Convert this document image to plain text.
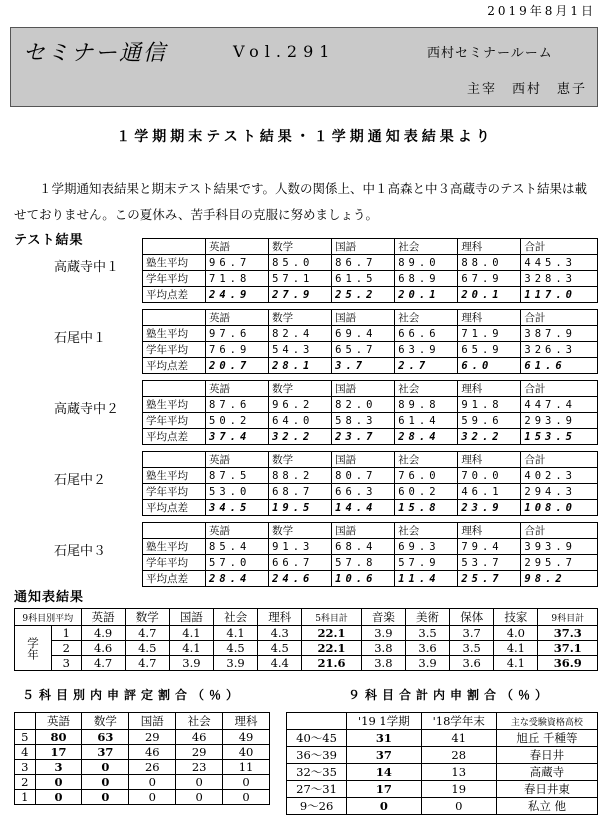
2019年8月1日
セミナー通信	Vol.291	西村セミナールーム
主宰　西村　恵子
１学期期末テスト結果・１学期通知表結果より
１学期通知表結果と期末テスト結果です。人数の関係上、中１高森と中３高蔵寺のテスト結果は載せておりません。この夏休み、苦手科目の克服に努めましょう。
テスト結果
高蔵寺中１
	英語	数学	国語	社会	理科	合計
塾生平均	96.7	85.0	86.7	89.0	88.0	445.3
学年平均	71.8	57.1	61.5	68.9	67.9	328.3
平均点差	24.9	27.9	25.2	20.1	20.1	117.0
石尾中１
	英語	数学	国語	社会	理科	合計
塾生平均	97.6	82.4	69.4	66.6	71.9	387.9
学年平均	76.9	54.3	65.7	63.9	65.9	326.3
平均点差	20.7	28.1	3.7	2.7	6.0	61.6
高蔵寺中２
	英語	数学	国語	社会	理科	合計
塾生平均	87.6	96.2	82.0	89.8	91.8	447.4
学年平均	50.2	64.0	58.3	61.4	59.6	293.9
平均点差	37.4	32.2	23.7	28.4	32.2	153.5
石尾中２
	英語	数学	国語	社会	理科	合計
塾生平均	87.5	88.2	80.7	76.0	70.0	402.3
学年平均	53.0	68.7	66.3	60.2	46.1	294.3
平均点差	34.5	19.5	14.4	15.8	23.9	108.0
石尾中３
	英語	数学	国語	社会	理科	合計
塾生平均	85.4	91.3	68.4	69.3	79.4	393.9
学年平均	57.0	66.7	57.8	57.9	53.7	295.7
平均点差	28.4	24.6	10.6	11.4	25.7	98.2
通知表結果
9科目別平均		英語	数学	国語	社会	理科	5科目計	音楽	美術	保体	技家	9科目計
学年	1	4.9	4.7	4.1	4.1	4.3	22.1	3.9	3.5	3.7	4.0	37.3
	2	4.6	4.5	4.1	4.5	4.5	22.1	3.8	3.6	3.5	4.1	37.1
	3	4.7	4.7	3.9	3.9	4.4	21.6	3.8	3.9	3.6	4.1	36.9
５科目別内申評定割合（％）	９科目合計内申割合（％）
	英語	数学	国語	社会	理科
5	80	63	29	46	49
4	17	37	46	29	40
3	3	0	26	23	11
2	0	0	0	0	0
1	0	0	0	0	0
	'19 1学期	'18学年末	主な受験資格高校
40～45	31	41	旭丘 千種等
36～39	37	28	春日井
32～35	14	13	高蔵寺
27～31	17	19	春日井東
9～26	0	0	私立 他
